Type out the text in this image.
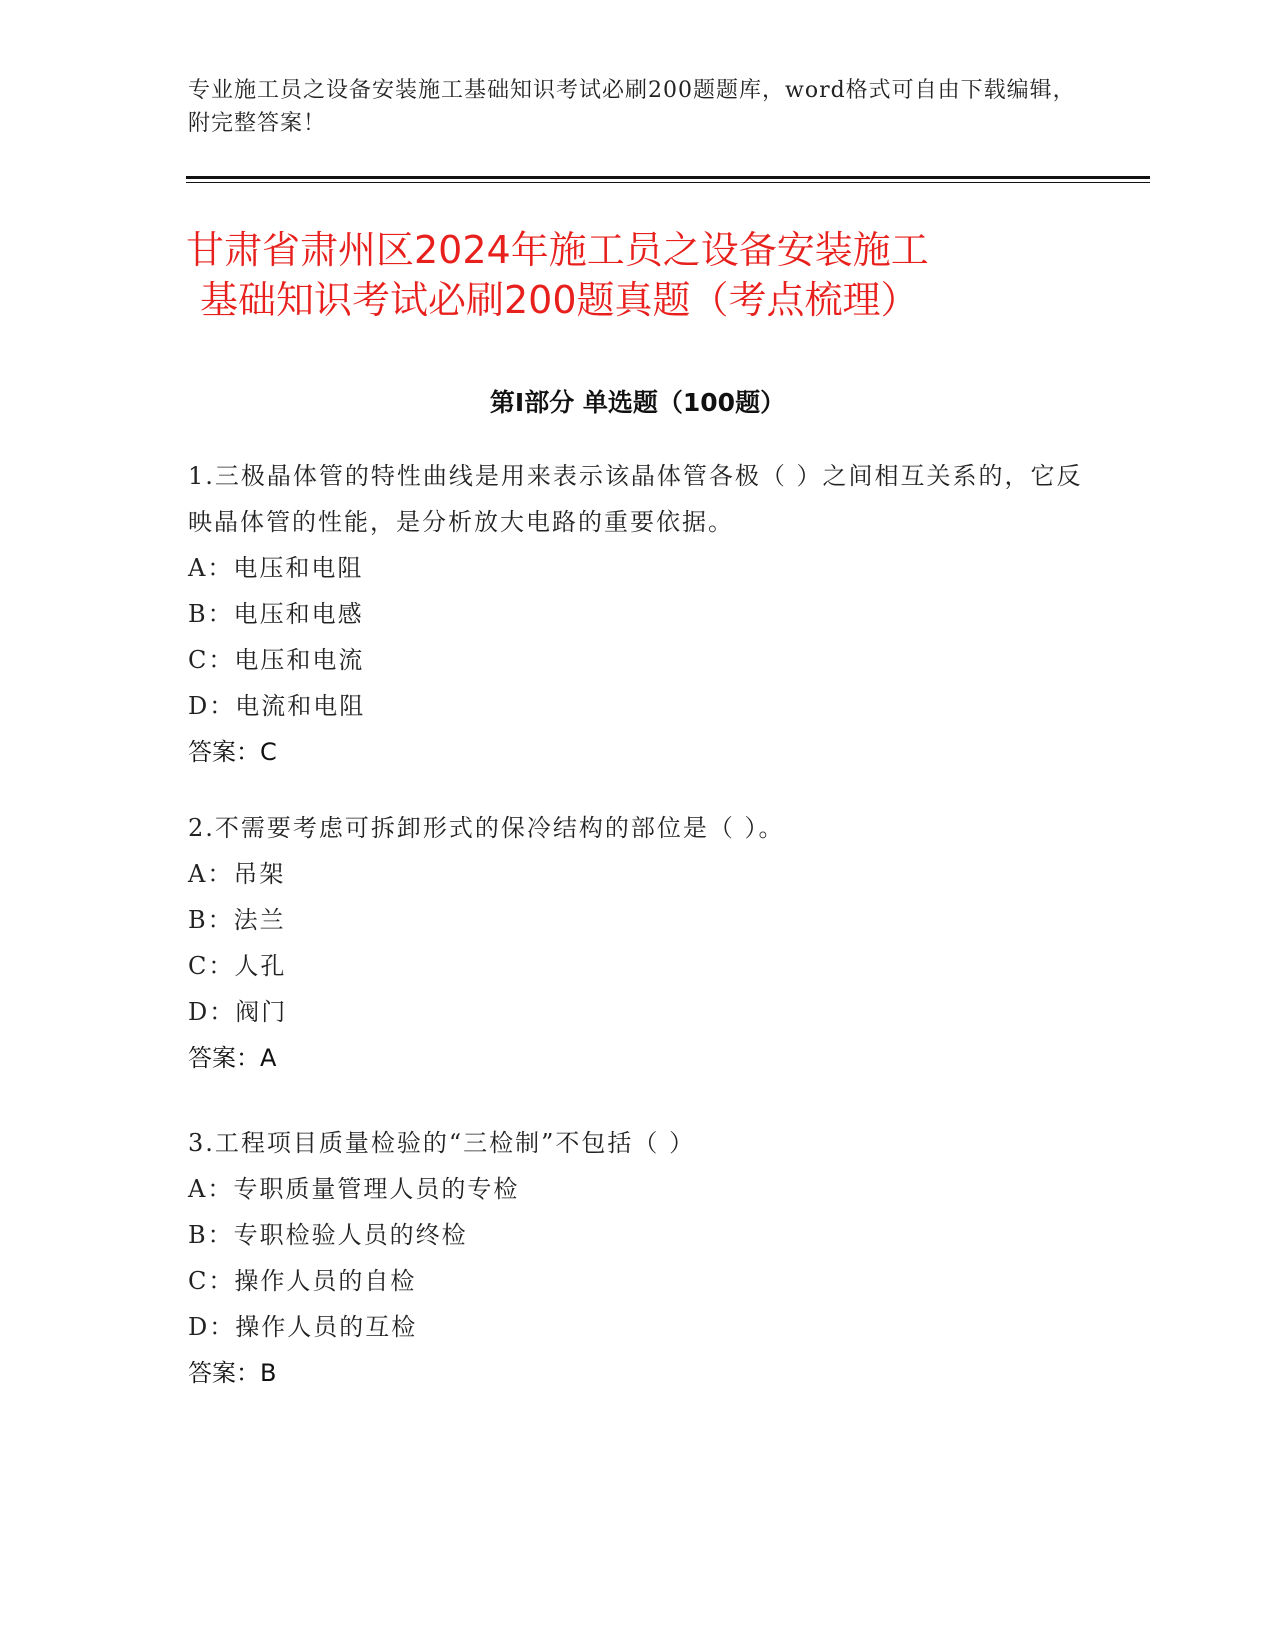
专业施工员之设备安装施工基础知识考试必刷200题题库，word格式可自由下载编辑，附完整答案！
甘肃省肃州区2024年施工员之设备安装施工
基础知识考试必刷200题真题（考点梳理）
第Ⅰ部分 单选题（100题）
1.三极晶体管的特性曲线是用来表示该晶体管各极（ ）之间相互关系的，它反映晶体管的性能，是分析放大电路的重要依据。
A：电压和电阻
B：电压和电感
C：电压和电流
D：电流和电阻
答案：C
2.不需要考虑可拆卸形式的保冷结构的部位是（ ）。
A：吊架
B：法兰
C：人孔
D：阀门
答案：A
3.工程项目质量检验的“三检制”不包括（ ）
A：专职质量管理人员的专检
B：专职检验人员的终检
C：操作人员的自检
D：操作人员的互检
答案：B
